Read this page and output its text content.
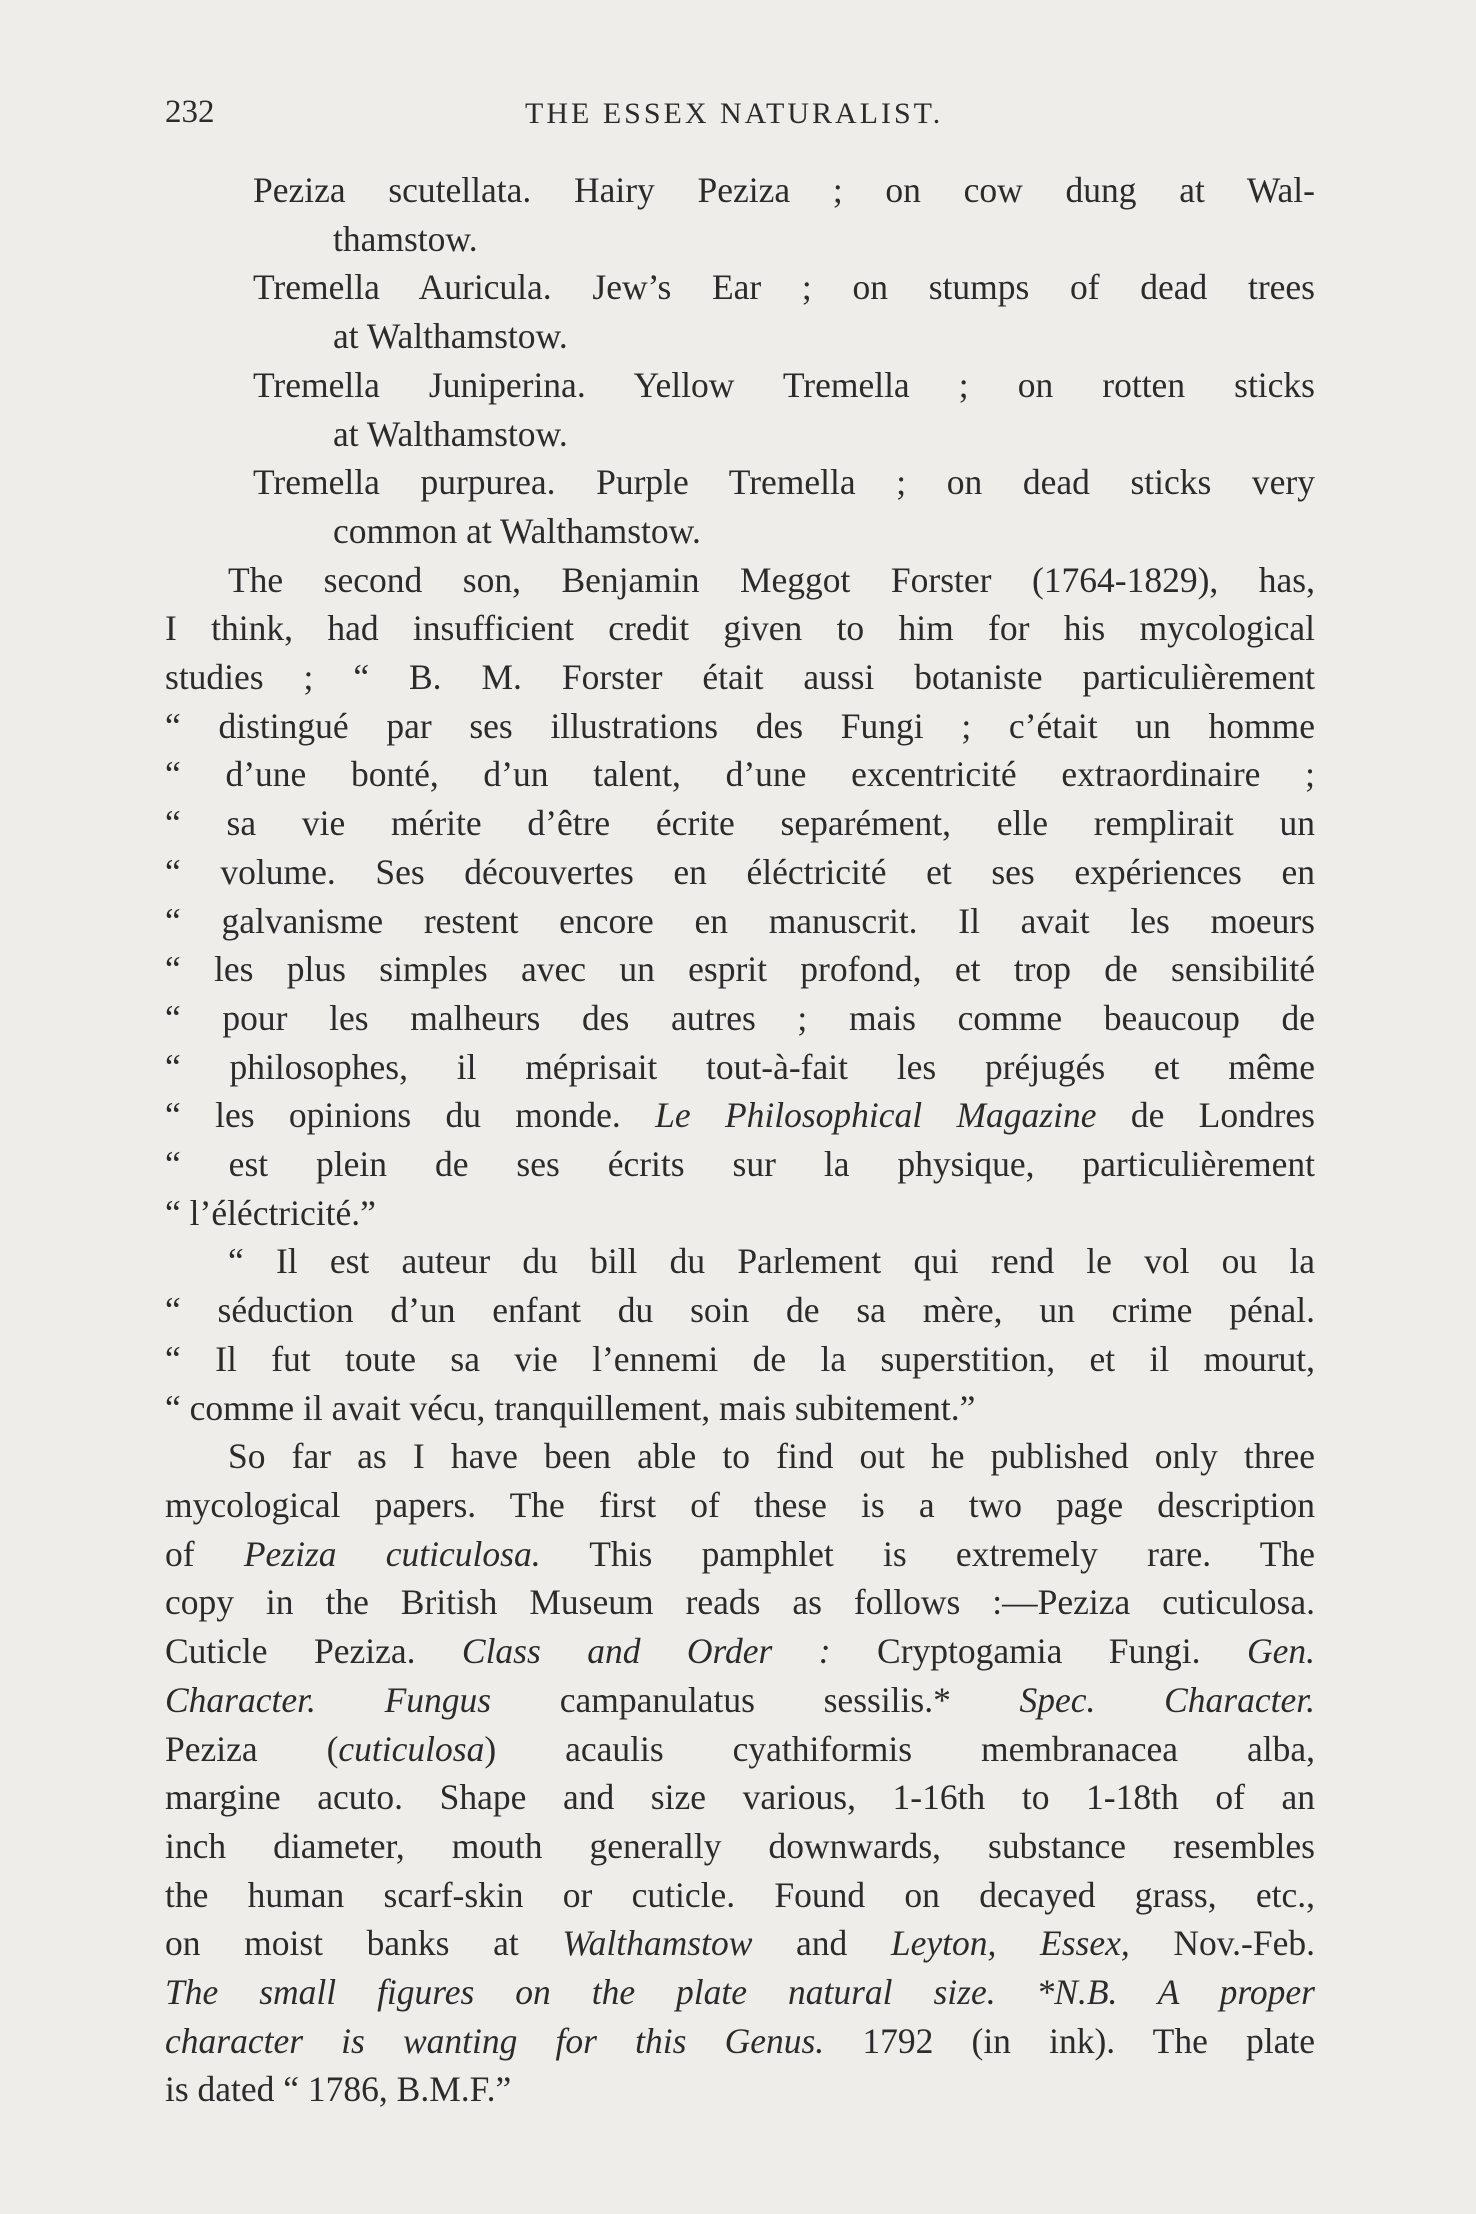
232	THE ESSEX NATURALIST.
Peziza scutellata. Hairy Peziza ; on cow dung at Wal-
thamstow.
Tremella Auricula. Jew’s Ear ; on stumps of dead trees
at Walthamstow.
Tremella Juniperina. Yellow Tremella ; on rotten sticks
at Walthamstow.
Tremella purpurea. Purple Tremella ; on dead sticks very
common at Walthamstow.
The second son, Benjamin Meggot Forster (1764-1829), has,
I think, had insufficient credit given to him for his mycological
studies ; “ B. M. Forster était aussi botaniste particulièrement
“ distingué par ses illustrations des Fungi ; c’était un homme
“ d’une bonté, d’un talent, d’une excentricité extraordinaire ;
“ sa vie mérite d’être écrite separément, elle remplirait un
“ volume. Ses découvertes en éléctricité et ses expériences en
“ galvanisme restent encore en manuscrit. Il avait les moeurs
“ les plus simples avec un esprit profond, et trop de sensibilité
“ pour les malheurs des autres ; mais comme beaucoup de
“ philosophes, il méprisait tout-à-fait les préjugés et même
“ les opinions du monde. Le Philosophical Magazine de Londres
“ est plein de ses écrits sur la physique, particulièrement
“ l’éléctricité.”
“ Il est auteur du bill du Parlement qui rend le vol ou la
“ séduction d’un enfant du soin de sa mère, un crime pénal.
“ Il fut toute sa vie l’ennemi de la superstition, et il mourut,
“ comme il avait vécu, tranquillement, mais subitement.”
So far as I have been able to find out he published only three
mycological papers. The first of these is a two page description
of Peziza cuticulosa. This pamphlet is extremely rare. The
copy in the British Museum reads as follows :—Peziza cuticulosa.
Cuticle Peziza. Class and Order : Cryptogamia Fungi. Gen.
Character. Fungus campanulatus sessilis.* Spec. Character.
Peziza (cuticulosa) acaulis cyathiformis membranacea alba,
margine acuto. Shape and size various, 1-16th to 1-18th of an
inch diameter, mouth generally downwards, substance resembles
the human scarf-skin or cuticle. Found on decayed grass, etc.,
on moist banks at Walthamstow and Leyton, Essex, Nov.-Feb.
The small figures on the plate natural size. *N.B. A proper
character is wanting for this Genus. 1792 (in ink). The plate
is dated “ 1786, B.M.F.”
